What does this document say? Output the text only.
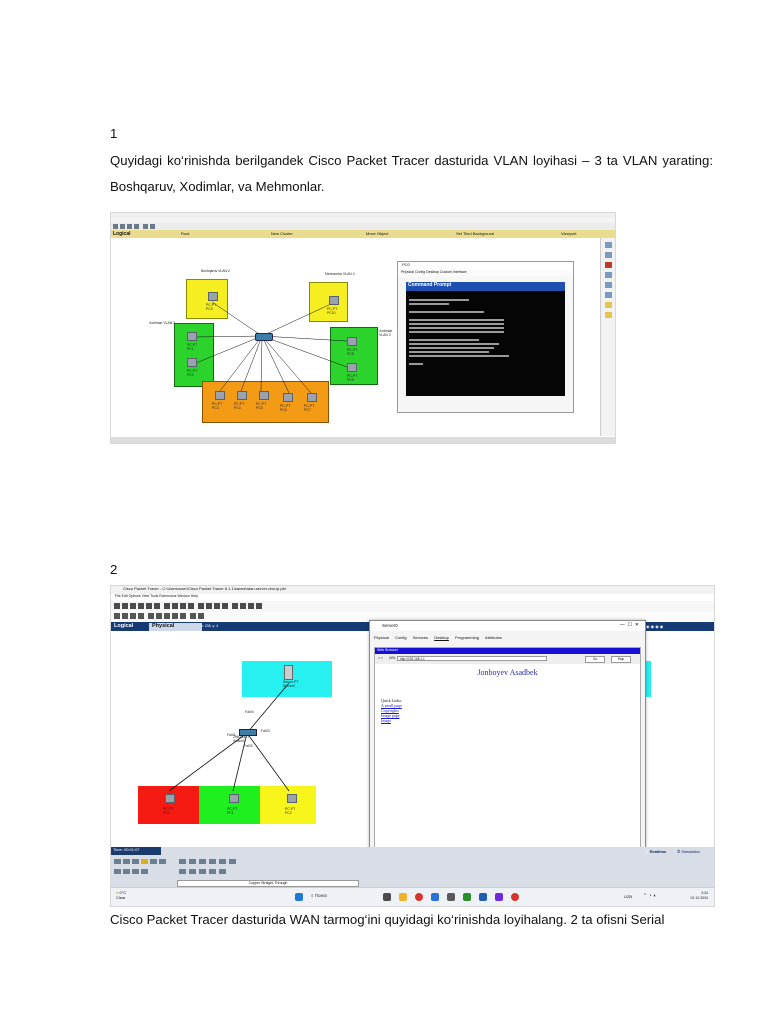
1
Quyidagi ko‘rinishda berilgandek Cisco Packet Tracer dasturida VLAN loyihasi – 3 ta VLAN yarating: Boshqaruv, Xodimlar, va Mehmonlar.
Logical	Root	New Cluster	Move Object	Set Tiled Background	Viewport
Boshqaruv VLAN 2
Mehmonlar VLAN 4
Xodimlar VLAN 3
Xodimlar VLAN 3
PC-PT PC0	PC-PT PC10
PC-PT PC1
PC-PT PC2
PC-PT PC8
PC-PT PC9
PC-PT PC3
PC-PT PC4
PC-PT PC5	PC-PT PC6
PC-PT PC7
PC0
Physical Config Desktop Custom Interface
Command Prompt
2
Cisco Packet Tracer - C:\Users\user\Cisco Packet Tracer 8.1.1\saves\wlan-server-dns-ip.pkt
File Edit Options View Tools Extensions Window Help
Logical	Physical	x: 238, y: 4	◉ ◉ ◉ ◉
Server-PT Server0
2960-24TT Switch0
Fa0/4
Fa0/1
Fa0/2
Fa0/3
PC-PT PC0
PC-PT PC1
PC-PT PC2
Server0	—  ☐  ✕
Physical Config Services Desktop Programming Attributes
Web Browser
< > URL	http://192.168.1.1	Go	Stop
Jonboyev Asadbek
Quick Links:
A small page
Copyrights
Image page
Image
Time: 00:01:07
Copper Straight-Through
◷ Realtime	⏱ Simulation
● 0°C
Clear	⌕ Поиск	UZB ⌃ ◔ ◖	3:24
01.12.2024
Cisco Packet Tracer dasturida WAN tarmog‘ini quyidagi ko‘rinishda loyihalang. 2 ta ofisni Serial
